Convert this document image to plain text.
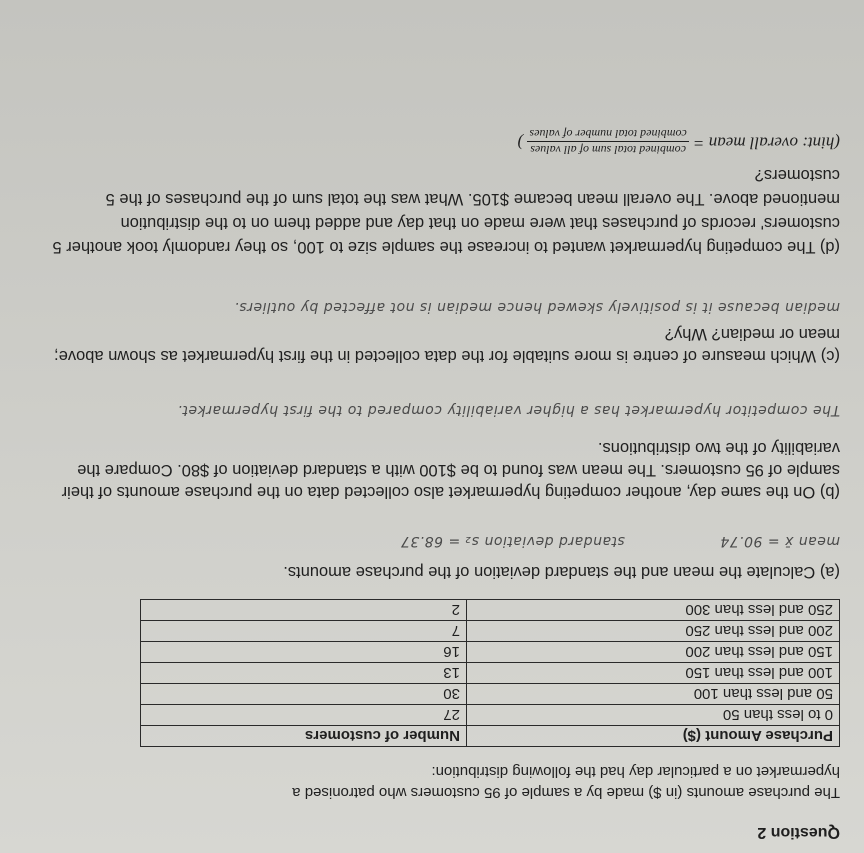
Question 2

The purchase amounts (in $) made by a sample of 95 customers who patronised a hypermarket on a particular day had the following distribution:

Purchase Amount ($)	Number of customers
0 to less than 50	27
50 and less than 100	30
100 and less than 150	13
150 and less than 200	16
200 and less than 250	7
250 and less than 300	2

(a) Calculate the mean and the standard deviation of the purchase amounts.

mean x̄ = 90.74 standard deviation s₂ = 68.37

(b) On the same day, another competing hypermarket also collected data on the purchase amounts of their sample of 95 customers. The mean was found to be $100 with a standard deviation of $80. Compare the variability of the two distributions.

The competitor hypermarket has a higher variability compared to the first hypermarket.

(c) Which measure of centre is more suitable for the data collected in the first hypermarket as shown above; mean or median? Why?

median because it is positively skewed hence median is not affected by outliers.

(d) The competing hypermarket wanted to increase the sample size to 100, so they randomly took another 5 customers' records of purchases that were made on that day and added them on to the distribution mentioned above. The overall mean became $105. What was the total sum of the purchases of the 5 customers?

(hint: overall mean =
combined total sum of all values
combined total number of values
)
